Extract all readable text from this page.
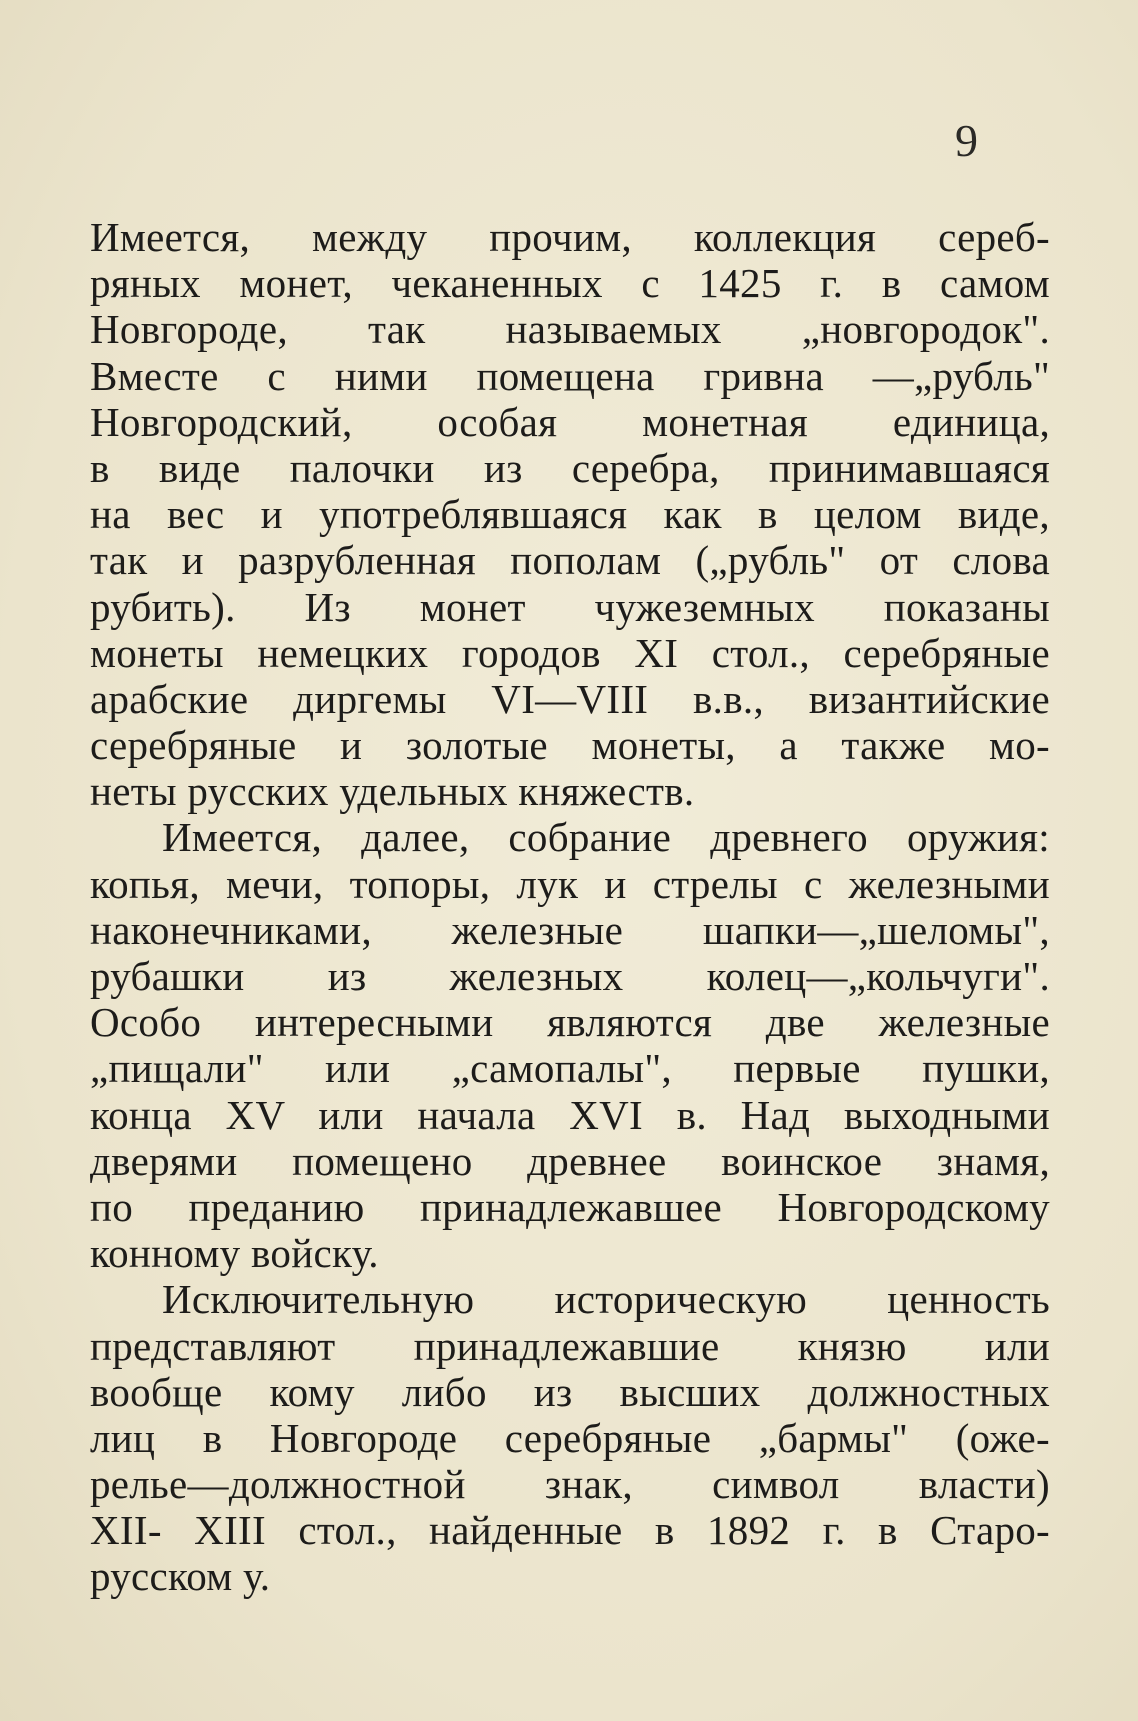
9
Имеется, между прочим, коллекция сереб-
ряных монет, чеканенных с 1425 г. в самом
Новгороде, так называемых „новгородок".
Вместе с ними помещена гривна —„рубль"
Новгородский, особая монетная единица,
в виде палочки из серебра, принимавшаяся
на вес и употреблявшаяся как в целом виде,
так и разрубленная пополам („рубль" от слова
рубить). Из монет чужеземных показаны
монеты немецких городов XI стол., серебряные
арабские диргемы VI—VIII в.в., византийские
серебряные и золотые монеты, а также мо-
неты русских удельных княжеств.
Имеется, далее, собрание древнего оружия:
копья, мечи, топоры, лук и стрелы с железными
наконечниками, железные шапки—„шеломы",
рубашки из железных колец—„кольчуги".
Особо интересными являются две железные
„пищали" или „самопалы", первые пушки,
конца XV или начала XVI в. Над выходными
дверями помещено древнее воинское знамя,
по преданию принадлежавшее Новгородскому
конному войску.
Исключительную историческую ценность
представляют принадлежавшие князю или
вообще кому либо из высших должностных
лиц в Новгороде серебряные „бармы" (оже-
релье—должностной знак, символ власти)
XII- XIII стол., найденные в 1892 г. в Старо-
русском у.
